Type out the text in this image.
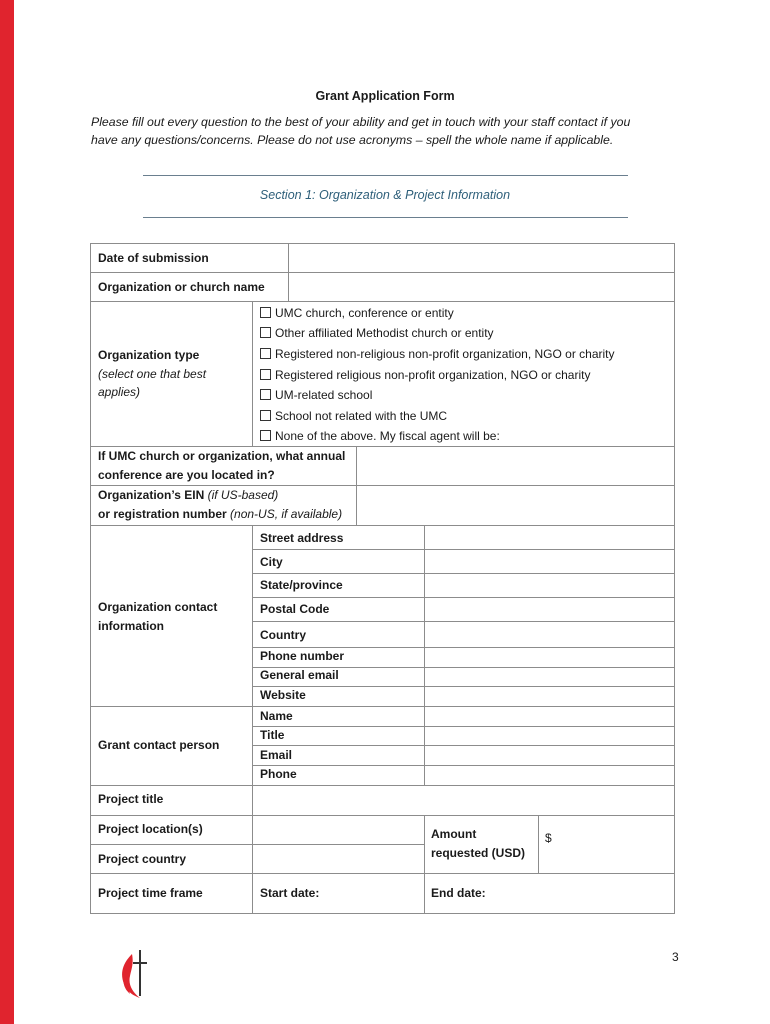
Grant Application Form
Please fill out every question to the best of your ability and get in touch with your staff contact if you
have any questions/concerns. Please do not use acronyms – spell the whole name if applicable.
Section 1: Organization & Project Information
Date of submission
Organization or church name
Organization type
(select one that best
applies)
UMC church, conference or entity
Other affiliated Methodist church or entity
Registered non-religious non-profit organization, NGO or charity
Registered religious non-profit organization, NGO or charity
UM-related school
School not related with the UMC
None of the above. My fiscal agent will be:
If UMC church or organization, what annual
conference are you located in?
Organization’s EIN (if US-based)
or registration number (non-US, if available)
Organization contact
information
Street address
City
State/province
Postal Code
Country
Phone number
General email
Website
Grant contact person
Name
Title
Email
Phone
Project title
Project location(s)
Project country
Project time frame
Amount
requested (USD)
$
Start date:	End date:
3
